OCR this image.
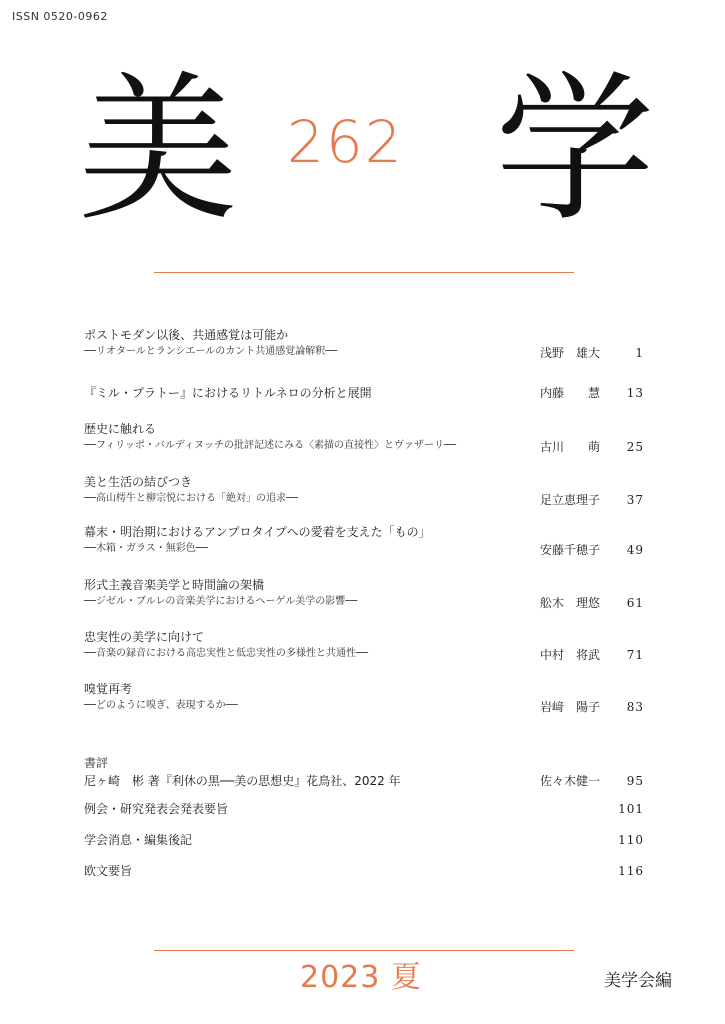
ISSN 0520-0962
美 262 学
ポストモダン以後、共通感覚は可能か
──リオタールとランシエールのカント共通感覚論解釈──	浅野　雄大	1
『ミル・プラトー』におけるリトルネロの分析と展開	内藤　　慧	13
歴史に触れる
──フィリッポ・バルディヌッチの批評記述にみる〈素描の直接性〉とヴァザーリ──	古川　　萌	25
美と生活の結びつき
──高山樗牛と柳宗悦における「絶対」の追求──	足立恵理子	37
幕末・明治期におけるアンプロタイプへの愛着を支えた「もの」
──木箱・ガラス・無彩色──	安藤千穂子	49
形式主義音楽美学と時間論の架橋
──ジゼル・ブルレの音楽美学におけるヘーゲル美学の影響──	舩木　理悠	61
忠実性の美学に向けて
──音楽の録音における高忠実性と低忠実性の多様性と共通性──	中村　将武	71
嗅覚再考
──どのように嗅ぎ、表現するか──	岩﨑　陽子	83
書評
尼ヶ崎　彬 著『利休の黒──美の思想史』花鳥社、2022 年	佐々木健一	95
例会・研究発表会発表要旨	101
学会消息・編集後記	110
欧文要旨	116
2023 夏	美学会編
